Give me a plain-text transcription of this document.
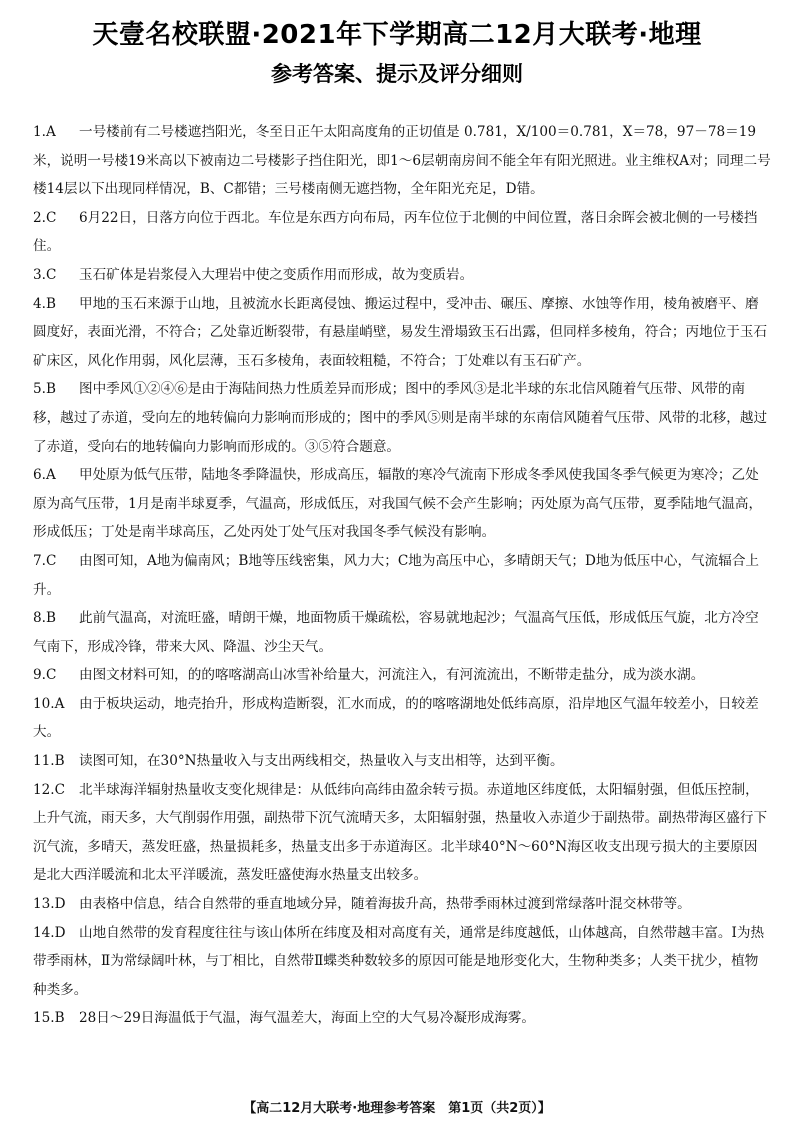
天壹名校联盟·2021年下学期高二12月大联考·地理
参考答案、提示及评分细则

1.A 一号楼前有二号楼遮挡阳光，冬至日正午太阳高度角的正切值是 0.781，X/100＝0.781，X＝78，97－78＝19米，说明一号楼19米高以下被南边二号楼影子挡住阳光，即1～6层朝南房间不能全年有阳光照进。业主维权A对；同理二号楼14层以下出现同样情况，B、C都错；三号楼南侧无遮挡物，全年阳光充足，D错。

2.C 6月22日，日落方向位于西北。车位是东西方向布局，丙车位位于北侧的中间位置，落日余晖会被北侧的一号楼挡住。

3.C 玉石矿体是岩浆侵入大理岩中使之变质作用而形成，故为变质岩。

4.B 甲地的玉石来源于山地，且被流水长距离侵蚀、搬运过程中，受冲击、碾压、摩擦、水蚀等作用，棱角被磨平、磨圆度好，表面光滑，不符合；乙处靠近断裂带，有悬崖峭壁，易发生滑塌致玉石出露，但同样多棱角，符合；丙地位于玉石矿床区，风化作用弱，风化层薄，玉石多棱角，表面较粗糙，不符合；丁处难以有玉石矿产。

5.B 图中季风①②④⑥是由于海陆间热力性质差异而形成；图中的季风③是北半球的东北信风随着气压带、风带的南移，越过了赤道，受向左的地转偏向力影响而形成的；图中的季风⑤则是南半球的东南信风随着气压带、风带的北移，越过了赤道，受向右的地转偏向力影响而形成的。③⑤符合题意。

6.A 甲处原为低气压带，陆地冬季降温快，形成高压，辐散的寒冷气流南下形成冬季风使我国冬季气候更为寒冷；乙处原为高气压带，1月是南半球夏季，气温高，形成低压，对我国气候不会产生影响；丙处原为高气压带，夏季陆地气温高，形成低压；丁处是南半球高压，乙处丙处丁处气压对我国冬季气候没有影响。

7.C 由图可知，A地为偏南风；B地等压线密集，风力大；C地为高压中心，多晴朗天气；D地为低压中心，气流辐合上升。

8.B 此前气温高，对流旺盛，晴朗干燥，地面物质干燥疏松，容易就地起沙；气温高气压低，形成低压气旋，北方冷空气南下，形成冷锋，带来大风、降温、沙尘天气。

9.C 由图文材料可知，的的喀喀湖高山冰雪补给量大，河流注入，有河流流出，不断带走盐分，成为淡水湖。

10.A 由于板块运动，地壳抬升，形成构造断裂，汇水而成，的的喀喀湖地处低纬高原，沿岸地区气温年较差小，日较差大。

11.B 读图可知，在30°N热量收入与支出两线相交，热量收入与支出相等，达到平衡。

12.C 北半球海洋辐射热量收支变化规律是：从低纬向高纬由盈余转亏损。赤道地区纬度低，太阳辐射强，但低压控制，上升气流，雨天多，大气削弱作用强，副热带下沉气流晴天多，太阳辐射强，热量收入赤道少于副热带。副热带海区盛行下沉气流，多晴天，蒸发旺盛，热量损耗多，热量支出多于赤道海区。北半球40°N～60°N海区收支出现亏损大的主要原因是北大西洋暖流和北太平洋暖流，蒸发旺盛使海水热量支出较多。

13.D 由表格中信息，结合自然带的垂直地域分异，随着海拔升高，热带季雨林过渡到常绿落叶混交林带等。

14.D 山地自然带的发育程度往往与该山体所在纬度及相对高度有关，通常是纬度越低，山体越高，自然带越丰富。Ⅰ为热带季雨林，Ⅱ为常绿阔叶林，与丁相比，自然带Ⅱ蝶类种数较多的原因可能是地形变化大，生物种类多；人类干扰少，植物种类多。

15.B 28日～29日海温低于气温，海气温差大，海面上空的大气易冷凝形成海雾。

【高二12月大联考·地理参考答案　第1页（共2页）】
